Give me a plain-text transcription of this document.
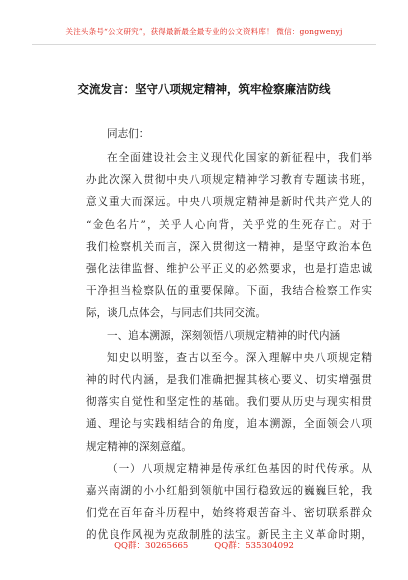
关注头条号“公文研究”，获得最新最全最专业的公文资料库！ 微信：gongwenyj
交流发言：坚守八项规定精神，筑牢检察廉洁防线
同志们：
在全面建设社会主义现代化国家的新征程中，我们举
办此次深入贯彻中央八项规定精神学习教育专题读书班，
意义重大而深远。中央八项规定精神是新时代共产党人的
“金色名片”，关乎人心向背，关乎党的生死存亡。对于
我们检察机关而言，深入贯彻这一精神，是坚守政治本色
强化法律监督、维护公平正义的必然要求，也是打造忠诚
干净担当检察队伍的重要保障。下面，我结合检察工作实
际，谈几点体会，与同志们共同交流。
一、追本溯源，深刻领悟八项规定精神的时代内涵
知史以明鉴，查古以至今。深入理解中央八项规定精
神的时代内涵，是我们准确把握其核心要义、切实增强贯
彻落实自觉性和坚定性的基础。我们要从历史与现实相贯
通、理论与实践相结合的角度，追本溯源，全面领会八项
规定精神的深刻意蕴。
（一）八项规定精神是传承红色基因的时代传承。从
嘉兴南湖的小小红船到领航中国行稳致远的巍巍巨轮，我
们党在百年奋斗历程中，始终将艰苦奋斗、密切联系群众
的优良作风视为克敌制胜的法宝。新民主主义革命时期，
QQ群：30265665	QQ群：535304092
